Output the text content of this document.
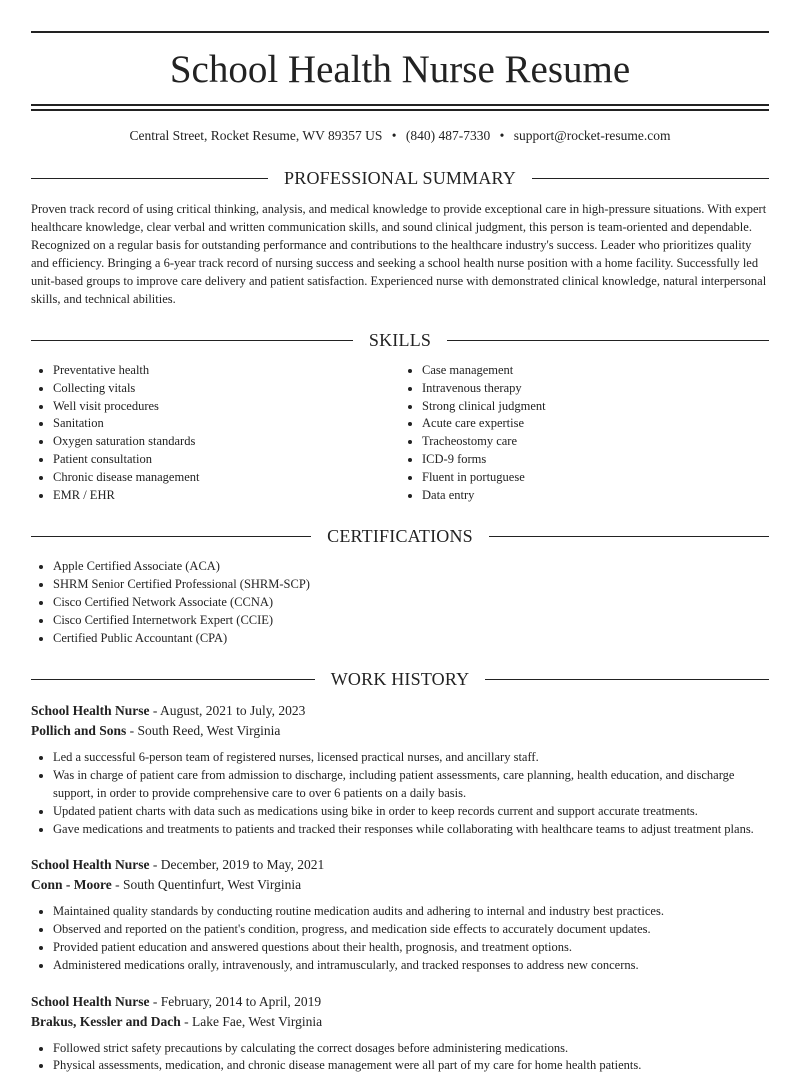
School Health Nurse Resume
Central Street, Rocket Resume, WV 89357 US • (840) 487-7330 • support@rocket-resume.com
PROFESSIONAL SUMMARY

Proven track record of using critical thinking, analysis, and medical knowledge to provide exceptional care in high-pressure situations. With expert healthcare knowledge, clear verbal and written communication skills, and sound clinical judgment, this person is team-oriented and dependable. Recognized on a regular basis for outstanding performance and contributions to the healthcare industry's success. Leader who prioritizes quality and efficiency. Bringing a 6-year track record of nursing success and seeking a school health nurse position with a home facility. Successfully led unit-based groups to improve care delivery and patient satisfaction. Experienced nurse with demonstrated clinical knowledge, natural interpersonal skills, and technical abilities.

SKILLS
• Preventative health
• Collecting vitals
• Well visit procedures
• Sanitation
• Oxygen saturation standards
• Patient consultation
• Chronic disease management
• EMR / EHR
• Case management
• Intravenous therapy
• Strong clinical judgment
• Acute care expertise
• Tracheostomy care
• ICD-9 forms
• Fluent in portuguese
• Data entry
CERTIFICATIONS
• Apple Certified Associate (ACA)
• SHRM Senior Certified Professional (SHRM-SCP)
• Cisco Certified Network Associate (CCNA)
• Cisco Certified Internetwork Expert (CCIE)
• Certified Public Accountant (CPA)
WORK HISTORY
School Health Nurse - August, 2021 to July, 2023
Pollich and Sons - South Reed, West Virginia
• Led a successful 6-person team of registered nurses, licensed practical nurses, and ancillary staff.
• Was in charge of patient care from admission to discharge, including patient assessments, care planning, health education, and discharge support, in order to provide comprehensive care to over 6 patients on a daily basis.
• Updated patient charts with data such as medications using bike in order to keep records current and support accurate treatments.
• Gave medications and treatments to patients and tracked their responses while collaborating with healthcare teams to adjust treatment plans.
School Health Nurse - December, 2019 to May, 2021
Conn - Moore - South Quentinfurt, West Virginia
• Maintained quality standards by conducting routine medication audits and adhering to internal and industry best practices.
• Observed and reported on the patient's condition, progress, and medication side effects to accurately document updates.
• Provided patient education and answered questions about their health, prognosis, and treatment options.
• Administered medications orally, intravenously, and intramuscularly, and tracked responses to address new concerns.
School Health Nurse - February, 2014 to April, 2019
Brakus, Kessler and Dach - Lake Fae, West Virginia
• Followed strict safety precautions by calculating the correct dosages before administering medications.
• Physical assessments, medication, and chronic disease management were all part of my care for home health patients.
